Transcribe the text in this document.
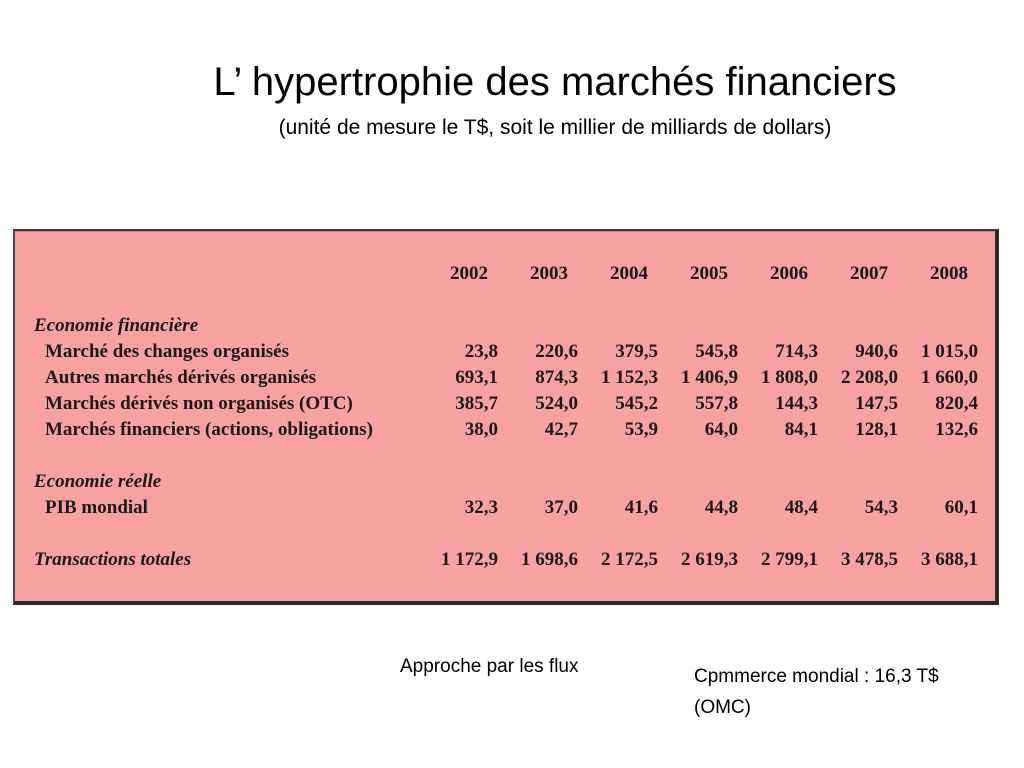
L’ hypertrophie des marchés financiers
(unité de mesure le T$, soit le millier de milliards de dollars)
2002	2003	2004	2005	2006	2007	2008
Economie financière
Marché des changes organisés	23,8	220,6	379,5	545,8	714,3	940,6	1 015,0
Autres marchés dérivés organisés	693,1	874,3	1 152,3	1 406,9	1 808,0	2 208,0	1 660,0
Marchés dérivés non organisés (OTC)	385,7	524,0	545,2	557,8	144,3	147,5	820,4
Marchés financiers (actions, obligations)	38,0	42,7	53,9	64,0	84,1	128,1	132,6
Economie réelle
PIB mondial	32,3	37,0	41,6	44,8	48,4	54,3	60,1
Transactions totales	1 172,9	1 698,6	2 172,5	2 619,3	2 799,1	3 478,5	3 688,1
Approche par les flux	Cpmmerce mondial : 16,3 T$
(OMC)
